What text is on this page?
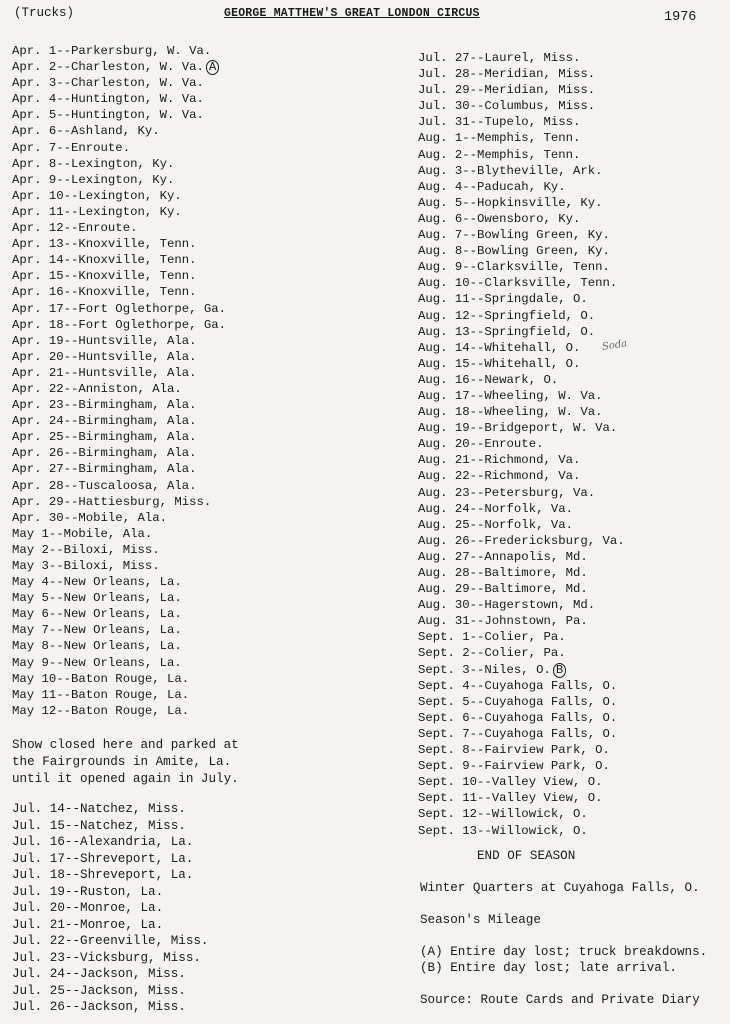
(Trucks)	GEORGE MATTHEW'S GREAT LONDON CIRCUS	1976
Apr. 1--Parkersburg, W. Va.
Apr. 2--Charleston, W. Va. A
Apr. 3--Charleston, W. Va.
Apr. 4--Huntington, W. Va.
Apr. 5--Huntington, W. Va.
Apr. 6--Ashland, Ky.
Apr. 7--Enroute.
Apr. 8--Lexington, Ky.
Apr. 9--Lexington, Ky.
Apr. 10--Lexington, Ky.
Apr. 11--Lexington, Ky.
Apr. 12--Enroute.
Apr. 13--Knoxville, Tenn.
Apr. 14--Knoxville, Tenn.
Apr. 15--Knoxville, Tenn.
Apr. 16--Knoxville, Tenn.
Apr. 17--Fort Oglethorpe, Ga.
Apr. 18--Fort Oglethorpe, Ga.
Apr. 19--Huntsville, Ala.
Apr. 20--Huntsville, Ala.
Apr. 21--Huntsville, Ala.
Apr. 22--Anniston, Ala.
Apr. 23--Birmingham, Ala.
Apr. 24--Birmingham, Ala.
Apr. 25--Birmingham, Ala.
Apr. 26--Birmingham, Ala.
Apr. 27--Birmingham, Ala.
Apr. 28--Tuscaloosa, Ala.
Apr. 29--Hattiesburg, Miss.
Apr. 30--Mobile, Ala.
May 1--Mobile, Ala.
May 2--Biloxi, Miss.
May 3--Biloxi, Miss.
May 4--New Orleans, La.
May 5--New Orleans, La.
May 6--New Orleans, La.
May 7--New Orleans, La.
May 8--New Orleans, La.
May 9--New Orleans, La.
May 10--Baton Rouge, La.
May 11--Baton Rouge, La.
May 12--Baton Rouge, La.
Show closed here and parked at
the Fairgrounds in Amite, La.
until it opened again in July.
Jul. 14--Natchez, Miss.
Jul. 15--Natchez, Miss.
Jul. 16--Alexandria, La.
Jul. 17--Shreveport, La.
Jul. 18--Shreveport, La.
Jul. 19--Ruston, La.
Jul. 20--Monroe, La.
Jul. 21--Monroe, La.
Jul. 22--Greenville, Miss.
Jul. 23--Vicksburg, Miss.
Jul. 24--Jackson, Miss.
Jul. 25--Jackson, Miss.
Jul. 26--Jackson, Miss.
Jul. 27--Laurel, Miss.
Jul. 28--Meridian, Miss.
Jul. 29--Meridian, Miss.
Jul. 30--Columbus, Miss.
Jul. 31--Tupelo, Miss.
Aug. 1--Memphis, Tenn.
Aug. 2--Memphis, Tenn.
Aug. 3--Blytheville, Ark.
Aug. 4--Paducah, Ky.
Aug. 5--Hopkinsville, Ky.
Aug. 6--Owensboro, Ky.
Aug. 7--Bowling Green, Ky.
Aug. 8--Bowling Green, Ky.
Aug. 9--Clarksville, Tenn.
Aug. 10--Clarksville, Tenn.
Aug. 11--Springdale, O.
Aug. 12--Springfield, O.
Aug. 13--Springfield, O.
Aug. 14--Whitehall, O.
Aug. 15--Whitehall, O.
Aug. 16--Newark, O.
Aug. 17--Wheeling, W. Va.
Aug. 18--Wheeling, W. Va.
Aug. 19--Bridgeport, W. Va.
Aug. 20--Enroute.
Aug. 21--Richmond, Va.
Aug. 22--Richmond, Va.
Aug. 23--Petersburg, Va.
Aug. 24--Norfolk, Va.
Aug. 25--Norfolk, Va.
Aug. 26--Fredericksburg, Va.
Aug. 27--Annapolis, Md.
Aug. 28--Baltimore, Md.
Aug. 29--Baltimore, Md.
Aug. 30--Hagerstown, Md.
Aug. 31--Johnstown, Pa.
Sept. 1--Colier, Pa.
Sept. 2--Colier, Pa.
Sept. 3--Niles, O. B
Sept. 4--Cuyahoga Falls, O.
Sept. 5--Cuyahoga Falls, O.
Sept. 6--Cuyahoga Falls, O.
Sept. 7--Cuyahoga Falls, O.
Sept. 8--Fairview Park, O.
Sept. 9--Fairview Park, O.
Sept. 10--Valley View, O.
Sept. 11--Valley View, O.
Sept. 12--Willowick, O.
Sept. 13--Willowick, O.
Soda
END OF SEASON
Winter Quarters at Cuyahoga Falls, O.
Season's Mileage
(A) Entire day lost; truck breakdowns.
(B) Entire day lost; late arrival.
Source: Route Cards and Private Diary
